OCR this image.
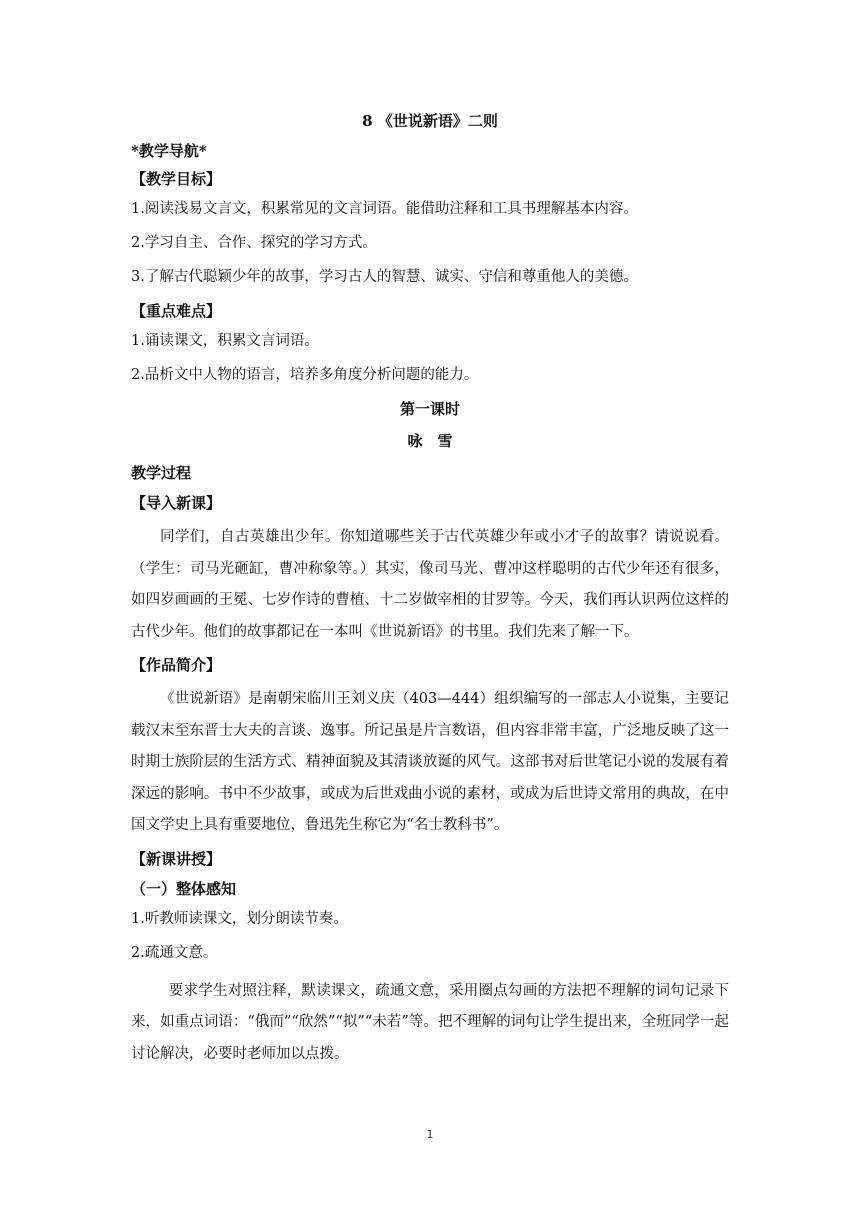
8 《世说新语》二则
*教学导航*
【教学目标】
1.阅读浅易文言文，积累常见的文言词语。能借助注释和工具书理解基本内容。
2.学习自主、合作、探究的学习方式。
3.了解古代聪颖少年的故事，学习古人的智慧、诚实、守信和尊重他人的美德。
【重点难点】
1.诵读课文，积累文言词语。
2.品析文中人物的语言，培养多角度分析问题的能力。
第一课时
咏　雪
教学过程
【导入新课】
同学们，自古英雄出少年。你知道哪些关于古代英雄少年或小才子的故事？请说说看。（学生：司马光砸缸，曹冲称象等。）其实，像司马光、曹冲这样聪明的古代少年还有很多，如四岁画画的王冕、七岁作诗的曹植、十二岁做宰相的甘罗等。今天，我们再认识两位这样的古代少年。他们的故事都记在一本叫《世说新语》的书里。我们先来了解一下。
【作品简介】
《世说新语》是南朝宋临川王刘义庆（403—444）组织编写的一部志人小说集，主要记载汉末至东晋士大夫的言谈、逸事。所记虽是片言数语，但内容非常丰富，广泛地反映了这一时期士族阶层的生活方式、精神面貌及其清谈放诞的风气。这部书对后世笔记小说的发展有着深远的影响。书中不少故事，或成为后世戏曲小说的素材，或成为后世诗文常用的典故，在中国文学史上具有重要地位，鲁迅先生称它为“名士教科书”。
【新课讲授】
（一）整体感知
1.听教师读课文，划分朗读节奏。
2.疏通文意。
要求学生对照注释，默读课文，疏通文意，采用圈点勾画的方法把不理解的词句记录下来，如重点词语：“俄而”“欣然”“拟”“未若”等。把不理解的词句让学生提出来，全班同学一起讨论解决，必要时老师加以点拨。
1
